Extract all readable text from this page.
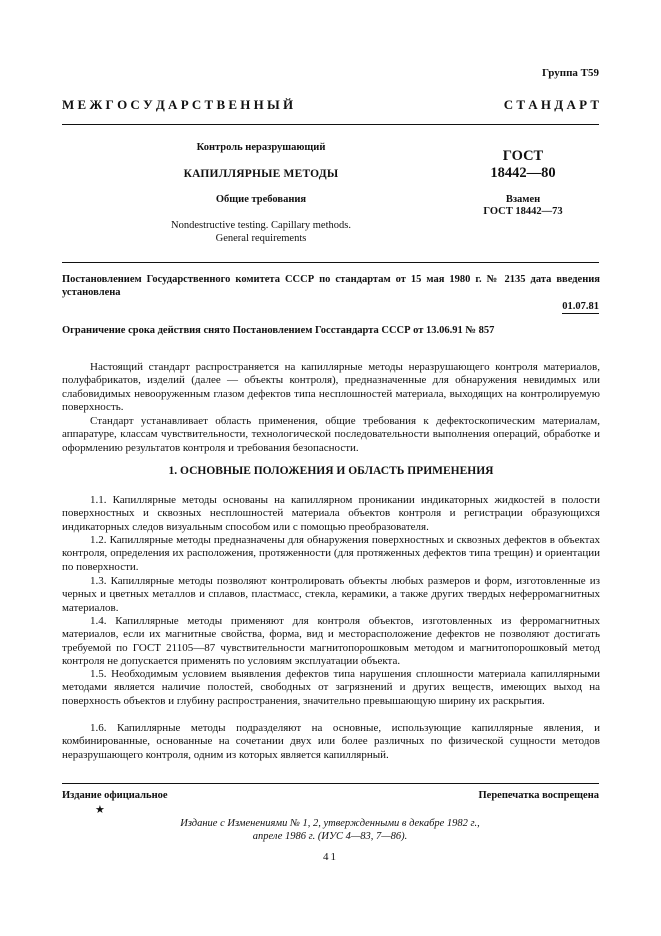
Группа Т59
М Е Ж Г О С У Д А Р С Т В Е Н Н Ы Й	С Т А Н Д А Р Т
Контроль неразрушающий
КАПИЛЛЯРНЫЕ МЕТОДЫ
Общие требования
Nondestructive testing. Capillary methods.
General requirements
ГОСТ
18442—80
Взамен
ГОСТ 18442—73
Постановлением Государственного комитета СССР по стандартам от 15 мая 1980 г. № 2135 дата введения установлена
01.07.81
Ограничение срока действия снято Постановлением Госстандарта СССР от 13.06.91 № 857

Настоящий стандарт распространяется на капиллярные методы неразрушающего контроля материалов, полуфабрикатов, изделий (далее — объекты контроля), предназначенные для обнаружения невидимых или слабовидимых невооруженным глазом дефектов типа несплошностей материала, выходящих на контролируемую поверхность.

Стандарт устанавливает область применения, общие требования к дефектоскопическим материалам, аппаратуре, классам чувствительности, технологической последовательности выполнения операций, обработке и оформлению результатов контроля и требования безопасности.

1. ОСНОВНЫЕ ПОЛОЖЕНИЯ И ОБЛАСТЬ ПРИМЕНЕНИЯ

1.1. Капиллярные методы основаны на капиллярном проникании индикаторных жидкостей в полости поверхностных и сквозных несплошностей материала объектов контроля и регистрации образующихся индикаторных следов визуальным способом или с помощью преобразователя.

1.2. Капиллярные методы предназначены для обнаружения поверхностных и сквозных дефектов в объектах контроля, определения их расположения, протяженности (для протяженных дефектов типа трещин) и ориентации по поверхности.

1.3. Капиллярные методы позволяют контролировать объекты любых размеров и форм, изготовленные из черных и цветных металлов и сплавов, пластмасс, стекла, керамики, а также других твердых неферромагнитных материалов.

1.4. Капиллярные методы применяют для контроля объектов, изготовленных из ферромагнитных материалов, если их магнитные свойства, форма, вид и месторасположение дефектов не позволяют достигать требуемой по ГОСТ 21105—87 чувствительности магнитопорошковым методом и магнитопорошковый метод контроля не допускается применять по условиям эксплуатации объекта.

1.5. Необходимым условием выявления дефектов типа нарушения сплошности материала капиллярными методами является наличие полостей, свободных от загрязнений и других веществ, имеющих выход на поверхность объектов и глубину распространения, значительно превышающую ширину их раскрытия.

1.6. Капиллярные методы подразделяют на основные, использующие капиллярные явления, и комбинированные, основанные на сочетании двух или более различных по физической сущности методов неразрушающего контроля, одним из которых является капиллярный.

Издание официальное	Перепечатка воспрещена
★
Издание с Изменениями № 1, 2, утвержденными в декабре 1982 г.,
апреле 1986 г. (ИУС 4—83, 7—86).
41
